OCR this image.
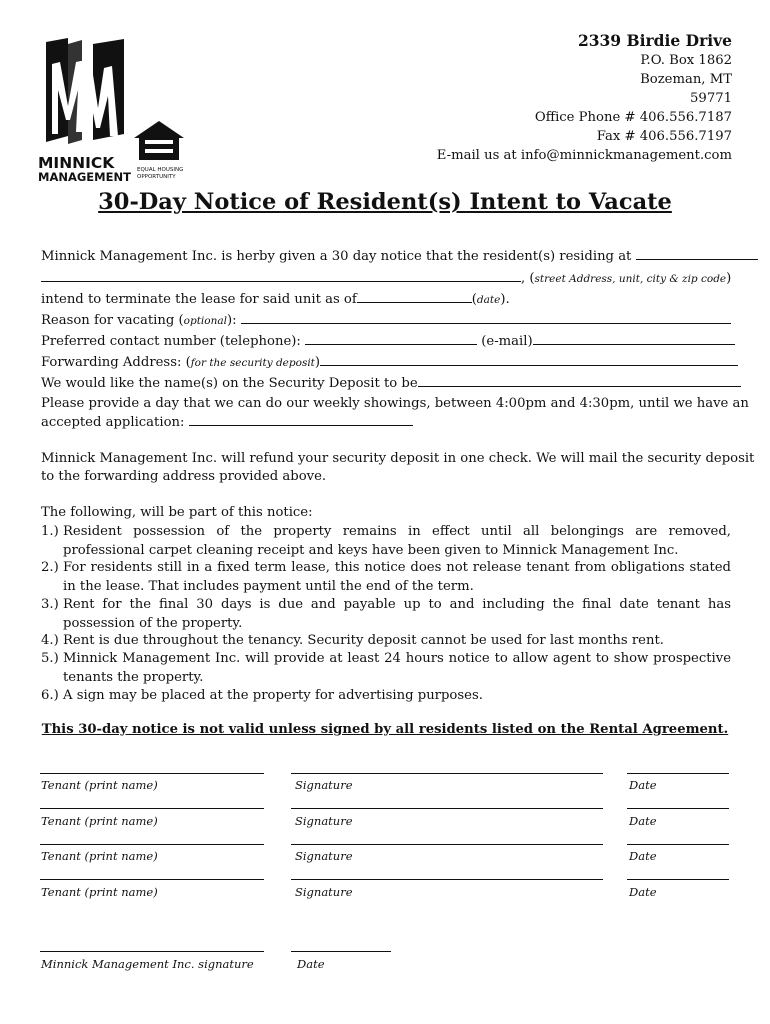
MINNICK
MANAGEMENT EQUAL HOUSING
OPPORTUNITY
2339 Birdie Drive
P.O. Box 1862
Bozeman, MT
59771
Office Phone # 406.556.7187
Fax # 406.556.7197
E-mail us at info@minnickmanagement.com
30-Day Notice of Resident(s) Intent to Vacate
Minnick Management Inc. is herby given a 30 day notice that the resident(s) residing at
, (street Address, unit, city & zip code)
intend to terminate the lease for said unit as of	(date).
Reason for vacating (optional):
Preferred contact number (telephone):	(e-mail)
Forwarding Address: (for the security deposit)
We would like the name(s) on the Security Deposit to be
Please provide a day that we can do our weekly showings, between 4:00pm and 4:30pm, until we have an
accepted application:
Minnick Management Inc. will refund your security deposit in one check. We will mail the security deposit
to the forwarding address provided above.
The following, will be part of this notice:
1.) Resident possession of the property remains in effect until all belongings are removed, professional carpet cleaning receipt and keys have been given to Minnick Management Inc.
2.) For residents still in a fixed term lease, this notice does not release tenant from obligations stated in the lease. That includes payment until the end of the term.
3.) Rent for the final 30 days is due and payable up to and including the final date tenant has possession of the property.
4.) Rent is due throughout the tenancy. Security deposit cannot be used for last months rent.
5.) Minnick Management Inc. will provide at least 24 hours notice to allow agent to show prospective tenants the property.
6.) A sign may be placed at the property for advertising purposes.
This 30-day notice is not valid unless signed by all residents listed on the Rental Agreement.
Tenant (print name)	Signature	Date
Tenant (print name)	Signature	Date
Tenant (print name)	Signature	Date
Tenant (print name)	Signature	Date
Minnick Management Inc. signature	Date
